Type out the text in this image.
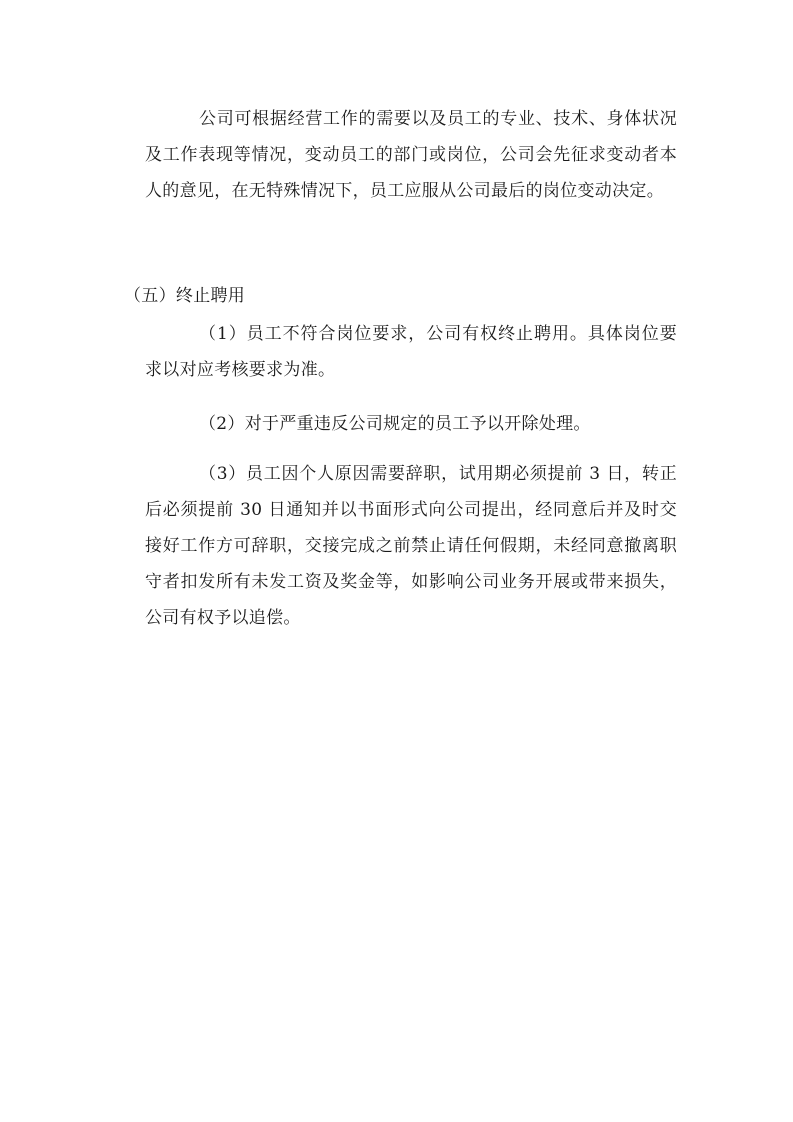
公司可根据经营工作的需要以及员工的专业、技术、身体状况及工作表现等情况，变动员工的部门或岗位，公司会先征求变动者本人的意见，在无特殊情况下，员工应服从公司最后的岗位变动决定。

（五）终止聘用

（1）员工不符合岗位要求，公司有权终止聘用。具体岗位要求以对应考核要求为准。

（2）对于严重违反公司规定的员工予以开除处理。

（3）员工因个人原因需要辞职，试用期必须提前 3 日，转正后必须提前 30 日通知并以书面形式向公司提出，经同意后并及时交接好工作方可辞职，交接完成之前禁止请任何假期，未经同意撤离职守者扣发所有未发工资及奖金等，如影响公司业务开展或带来损失，公司有权予以追偿。
